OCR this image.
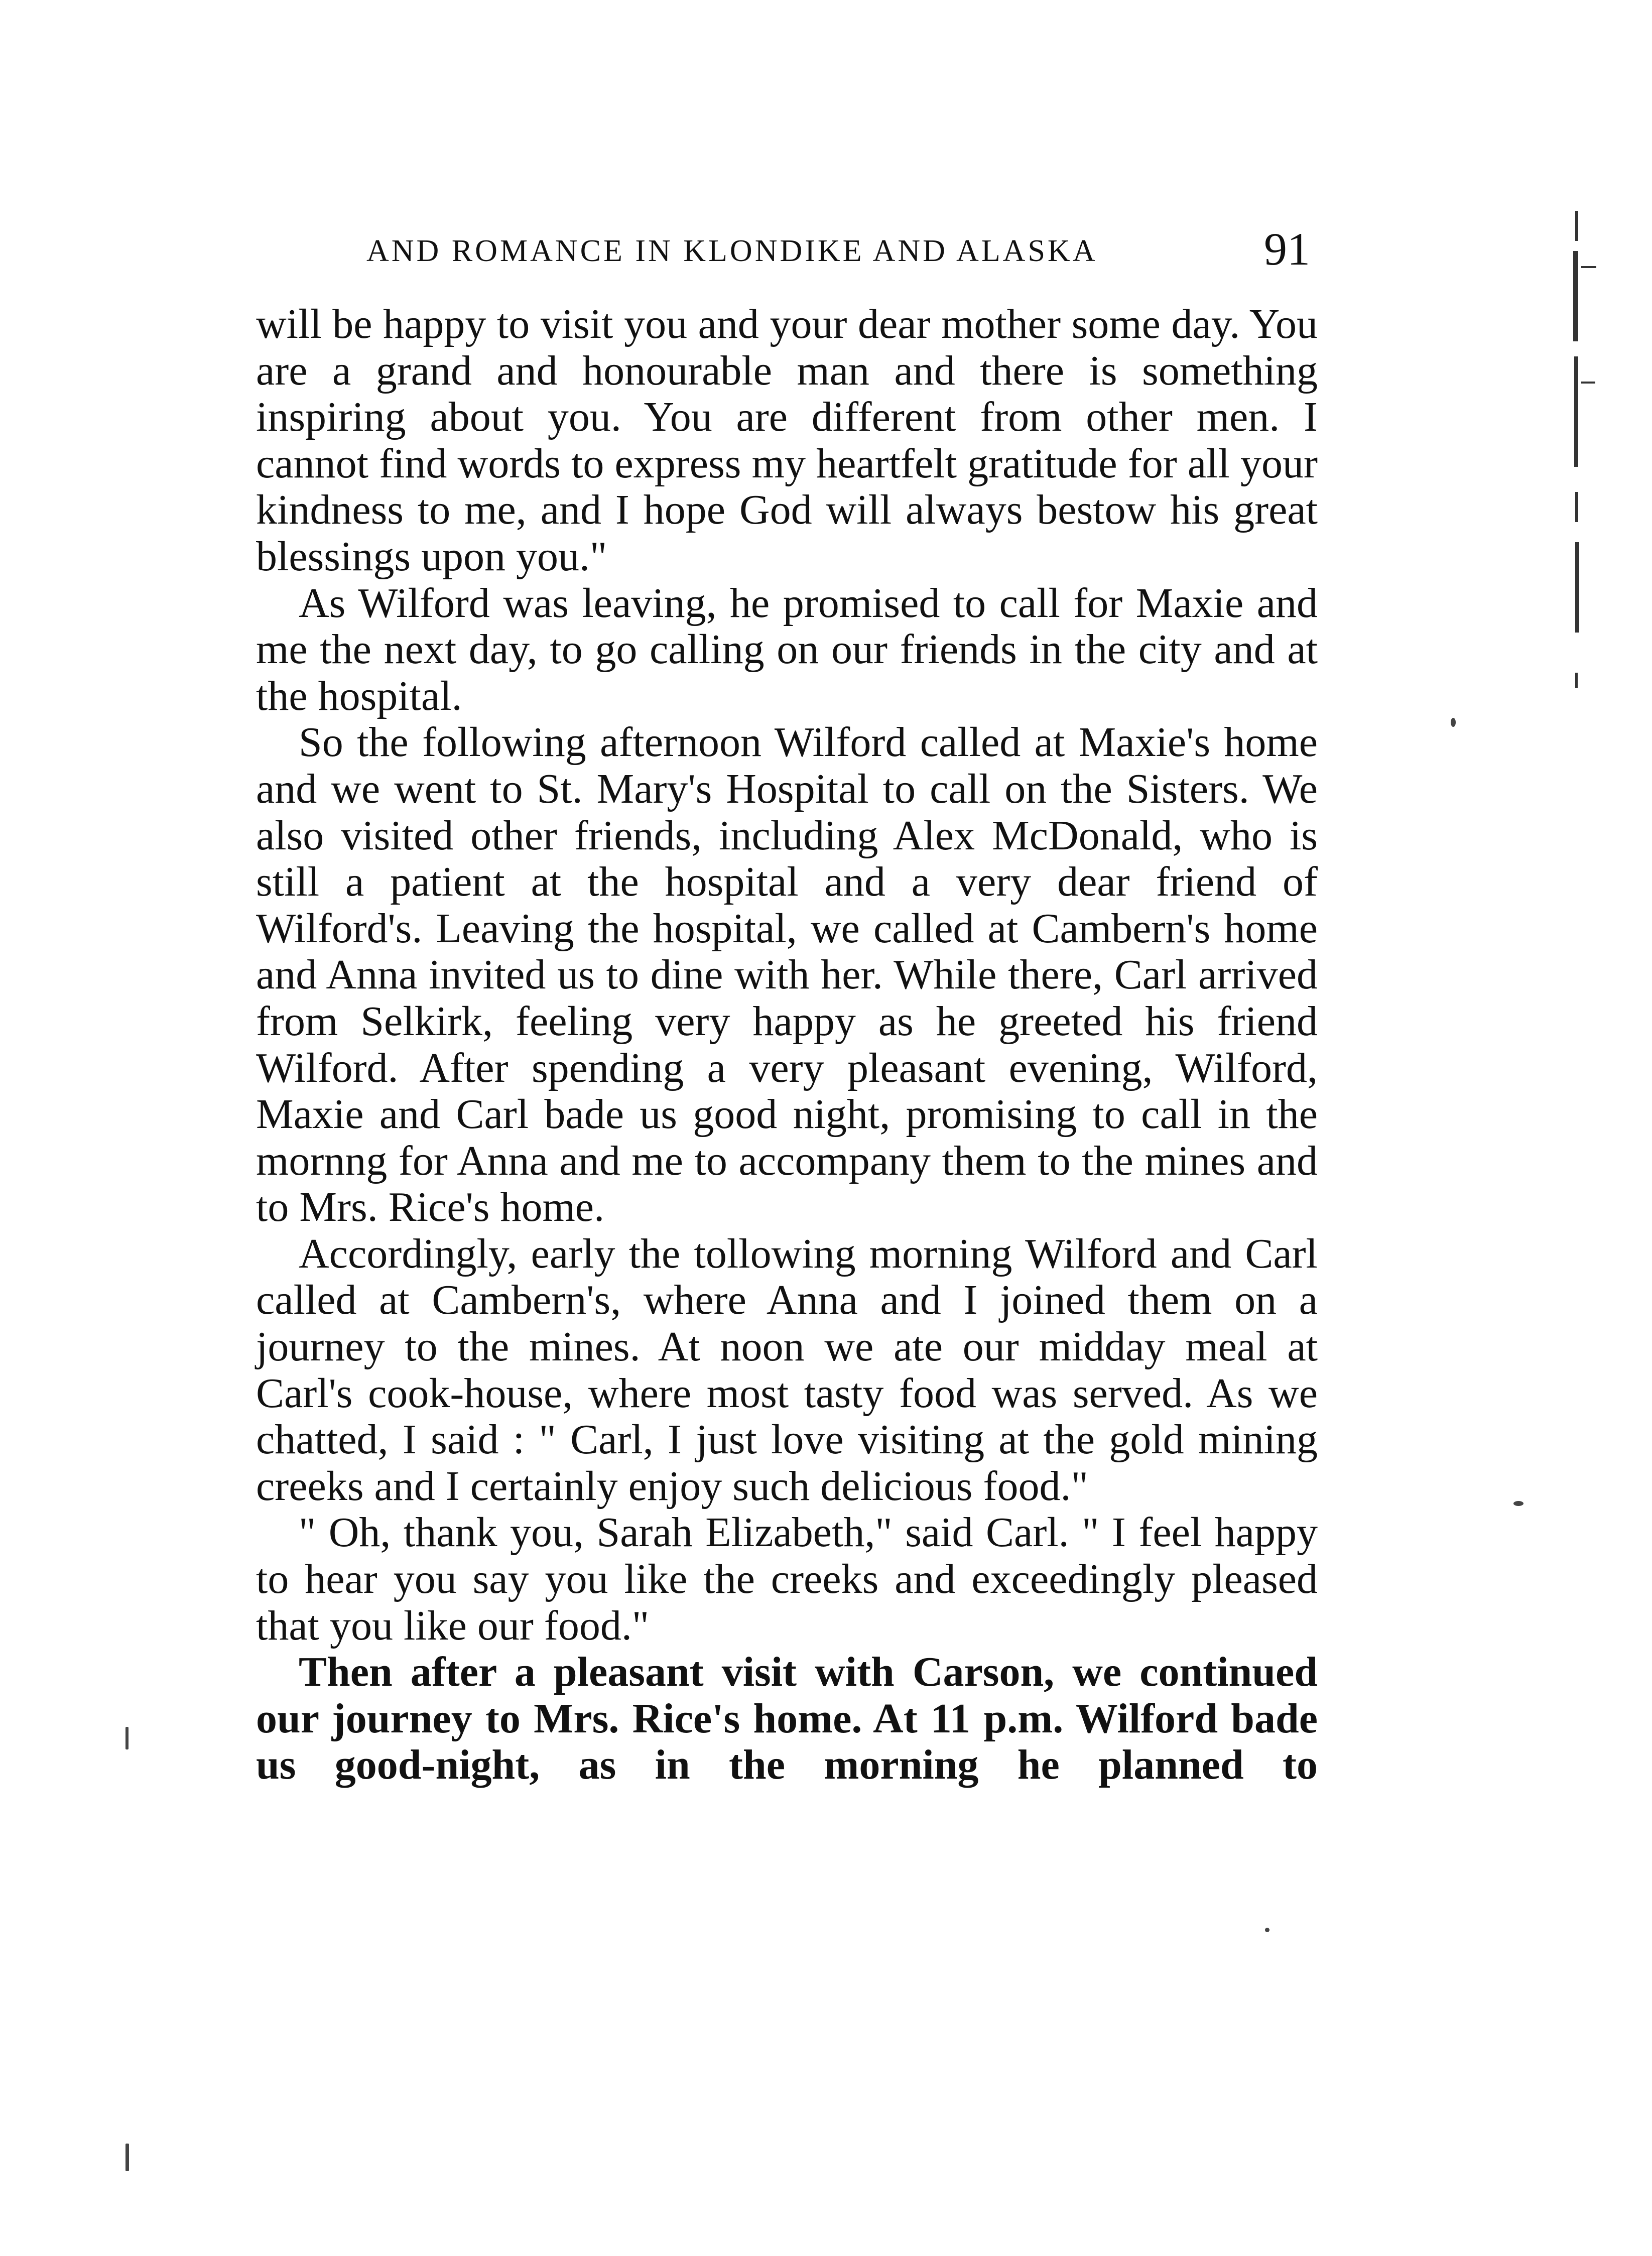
AND ROMANCE IN KLONDIKE AND ALASKA	91

will be happy to visit you and your dear mother some day. You are a grand and honourable man and there is something inspiring about you. You are different from other men. I cannot find words to express my heartfelt gratitude for all your kindness to me, and I hope God will always bestow his great blessings upon you."

As Wilford was leaving, he promised to call for Maxie and me the next day, to go calling on our friends in the city and at the hospital.

So the following afternoon Wilford called at Maxie's home and we went to St. Mary's Hospital to call on the Sisters. We also visited other friends, including Alex McDonald, who is still a patient at the hospital and a very dear friend of Wilford's. Leaving the hospital, we called at Cambern's home and Anna invited us to dine with her. While there, Carl arrived from Selkirk, feeling very happy as he greeted his friend Wilford. After spending a very pleasant evening, Wilford, Maxie and Carl bade us good night, promising to call in the mornng for Anna and me to accompany them to the mines and to Mrs. Rice's home.

Accordingly, early the tollowing morning Wilford and Carl called at Cambern's, where Anna and I joined them on a journey to the mines. At noon we ate our midday meal at Carl's cook-house, where most tasty food was served. As we chatted, I said : " Carl, I just love visiting at the gold mining creeks and I certainly enjoy such delicious food."

" Oh, thank you, Sarah Elizabeth," said Carl. " I feel happy to hear you say you like the creeks and exceedingly pleased that you like our food."

Then after a pleasant visit with Carson, we continued our journey to Mrs. Rice's home. At 11 p.m. Wilford bade us good-night, as in the morning he planned to
